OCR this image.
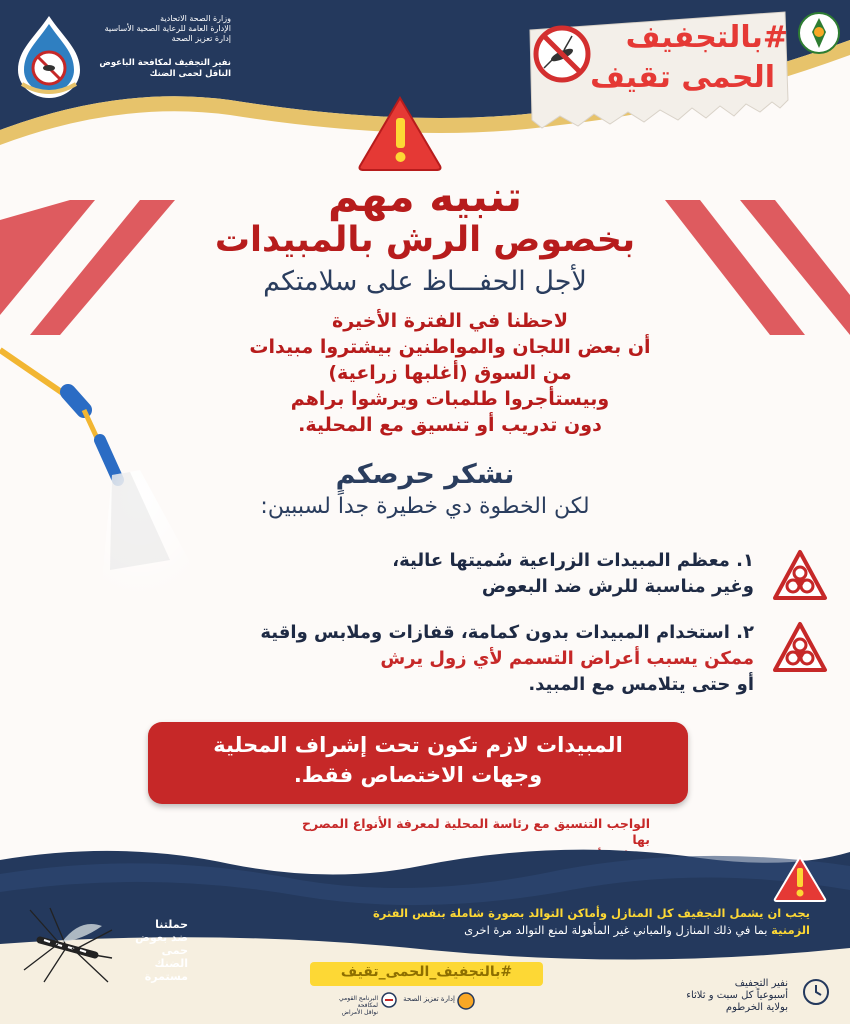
وزارة الصحة الاتحادية
الإدارة العامة للرعاية الصحية الأساسية
إدارة تعزيز الصحة
نفير التجفيف لمكافحة الباعوض
الناقل لحمى الضنك
#بالتجفيف
الحمى تقيف
تنبيه مهم
بخصوص الرش بالمبيدات
لأجل الحفـــاظ على سلامتكم
لاحظنا في الفترة الأخيرة
أن بعض اللجان والمواطنين بيشتروا مبيدات
من السوق (أغلبها زراعية)
وبيستأجروا طلمبات ويرشوا براهم
دون تدريب أو تنسيق مع المحلية.
نشكر حرصكم
لكن الخطوة دي خطيرة جداً لسببين:
١. معظم المبيدات الزراعية سُميتها عالية،
وغير مناسبة للرش ضد البعوض
٢. استخدام المبيدات بدون كمامة، قفازات وملابس واقية
ممكن يسبب أعراض التسمم لأي زول يرش
أو حتى يتلامس مع المبيد.
المبيدات لازم تكون تحت إشراف المحلية
وجهات الاختصاص فقط.
الواجب التنسيق مع رئاسة المحلية لمعرفة الأنواع المصرح بها
يجب ان يشمل التجفيف كل المنازل وأماكن التوالد بصورة شاملة بنفس الفترة
الزمنية بما في ذلك المنازل والمباني غير المأهولة لمنع التوالد مرة اخرى
حملتنا
ضد بعوض حمى
الضنك
مستمرة	#بالتجفيف_الحمى_تقيف
نفير التجفيف
أسبوعياً كل سبت و ثلاثاء
بولاية الخرطوم
إدارة تعزيز الصحة
البرنامج القومي لمكافحة
نواقل الأمراض
